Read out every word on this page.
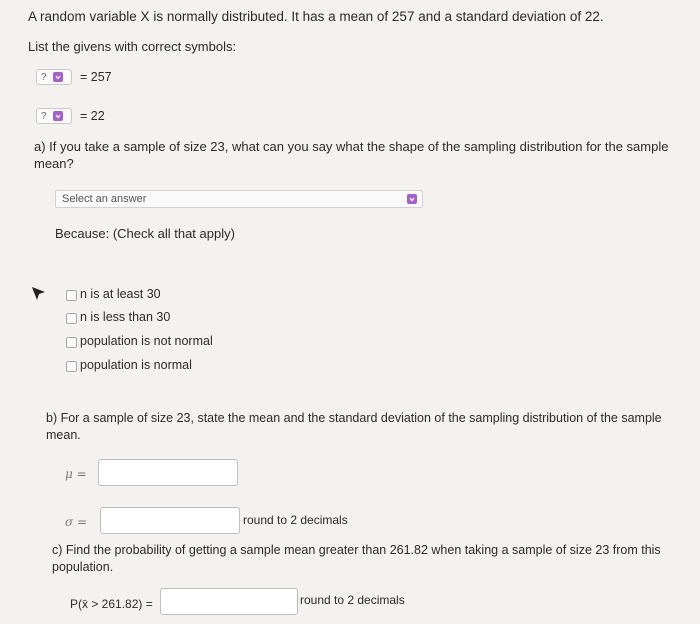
A random variable X is normally distributed. It has a mean of 257 and a standard deviation of 22.
List the givens with correct symbols:
?	= 257
?	= 22
a) If you take a sample of size 23, what can you say what the shape of the sampling distribution for the sample mean?
Select an answer
Because: (Check all that apply)
n is at least 30
n is less than 30
population is not normal
population is normal
b) For a sample of size 23, state the mean and the standard deviation of the sampling distribution of the sample mean.
μ =
σ =	round to 2 decimals
c) Find the probability of getting a sample mean greater than 261.82 when taking a sample of size 23 from this population.
P(x̄ > 261.82) =	round to 2 decimals
